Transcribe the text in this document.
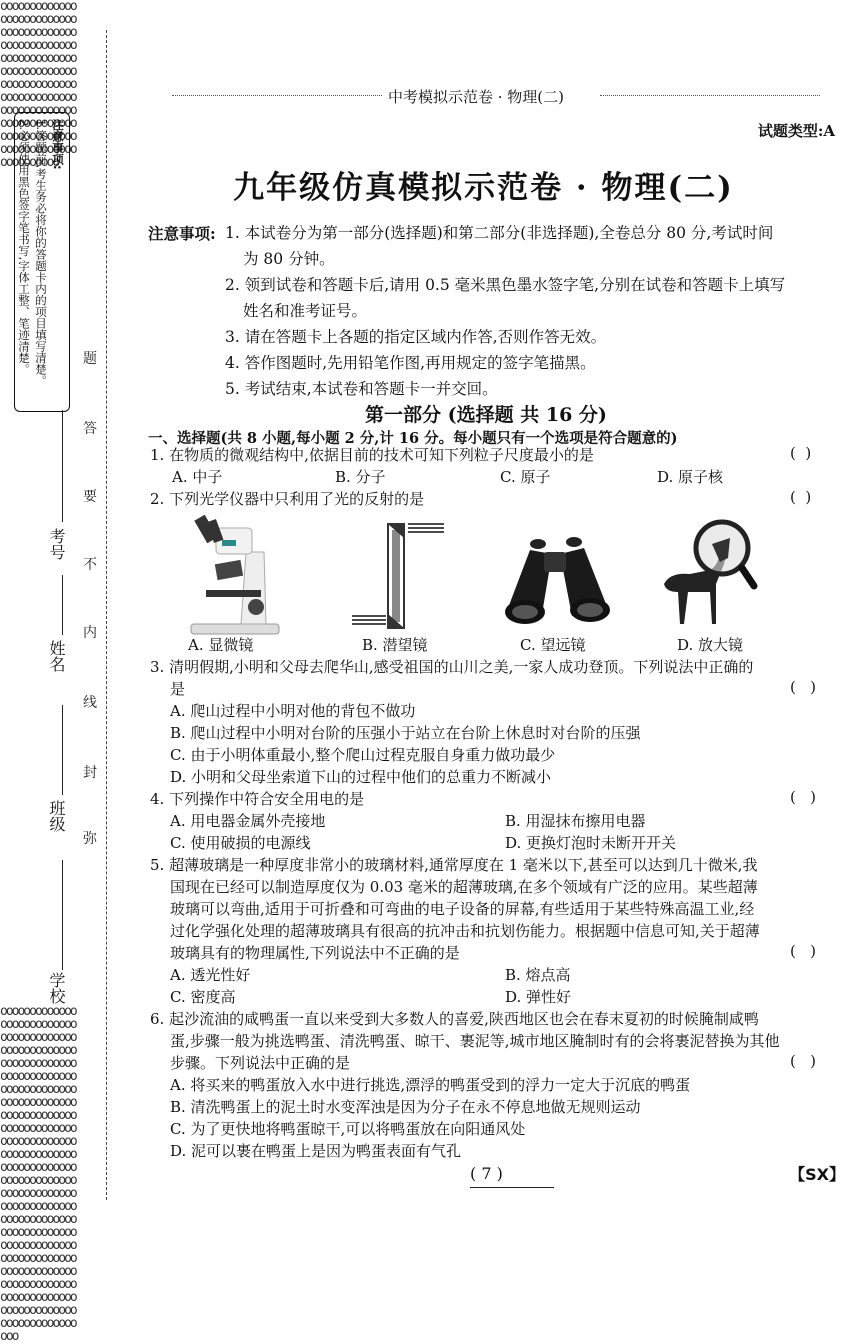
oooooooooooooooooooooooooooooooooooooooooooooooooooooooooooooooooooooooooooooooooooooooooooooooooooooooooooooooooooooooooooooooooooooooooooooooooooooooooooooooooooooo
oooooooooooooooooooooooooooooooooooooooooooooooooooooooooooooooooooooooooooooooooooooooooooooooooooooooooooooooooooooooooooooooooooooooooooooooooooooooooooooooooooooooooooooooooooooooooooooooooooooooooooooooooooooooooooooooooooooooooooooooooooooooooooooooooooooooooooooooooooooooooooooooooooooooooooooooooooooooooooooooooooooooo
注意事项:
1.答题前,考生务必将你的答题卡内的项目填写清楚。
2.必须使用黑色签字笔书写,字体工整、笔迹清楚。
考号
姓名
班级
学校
题
答
要
不
内
线
封
弥
中考模拟示范卷 · 物理(二)
试题类型:A
九年级仿真模拟示范卷 · 物理(二)
注意事项: 1. 本试卷分为第一部分(选择题)和第二部分(非选择题),全卷总分 80 分,考试时间
为 80 分钟。
2. 领到试卷和答题卡后,请用 0.5 毫米黑色墨水签字笔,分别在试卷和答题卡上填写
姓名和准考证号。
3. 请在答题卡上各题的指定区域内作答,否则作答无效。
4. 答作图题时,先用铅笔作图,再用规定的签字笔描黑。
5. 考试结束,本试卷和答题卡一并交回。
第一部分 (选择题 共 16 分)
一、选择题(共 8 小题,每小题 2 分,计 16 分。每小题只有一个选项是符合题意的)
1. 在物质的微观结构中,依据目前的技术可知下列粒子尺度最小的是	(  )
A. 中子	B. 分子	C. 原子	D. 原子核
2. 下列光学仪器中只利用了光的反射的是	(  )
A. 显微镜	B. 潜望镜	C. 望远镜	D. 放大镜
3. 清明假期,小明和父母去爬华山,感受祖国的山川之美,一家人成功登顶。下列说法中正确的
是	(   )
A. 爬山过程中小明对他的背包不做功
B. 爬山过程中小明对台阶的压强小于站立在台阶上休息时对台阶的压强
C. 由于小明体重最小,整个爬山过程克服自身重力做功最少
D. 小明和父母坐索道下山的过程中他们的总重力不断减小
4. 下列操作中符合安全用电的是	(   )
A. 用电器金属外壳接地	B. 用湿抹布擦用电器
C. 使用破损的电源线	D. 更换灯泡时未断开开关
5. 超薄玻璃是一种厚度非常小的玻璃材料,通常厚度在 1 毫米以下,甚至可以达到几十微米,我
国现在已经可以制造厚度仅为 0.03 毫米的超薄玻璃,在多个领域有广泛的应用。某些超薄
玻璃可以弯曲,适用于可折叠和可弯曲的电子设备的屏幕,有些适用于某些特殊高温工业,经
过化学强化处理的超薄玻璃具有很高的抗冲击和抗划伤能力。根据题中信息可知,关于超薄
玻璃具有的物理属性,下列说法中不正确的是	(   )
A. 透光性好	B. 熔点高
C. 密度高	D. 弹性好
6. 起沙流油的咸鸭蛋一直以来受到大多数人的喜爱,陕西地区也会在春末夏初的时候腌制咸鸭
蛋,步骤一般为挑选鸭蛋、清洗鸭蛋、晾干、裹泥等,城市地区腌制时有的会将裹泥替换为其他
步骤。下列说法中正确的是	(   )
A. 将买来的鸭蛋放入水中进行挑选,漂浮的鸭蛋受到的浮力一定大于沉底的鸭蛋
B. 清洗鸭蛋上的泥土时水变浑浊是因为分子在永不停息地做无规则运动
C. 为了更快地将鸭蛋晾干,可以将鸭蛋放在向阳通风处
D. 泥可以裹在鸭蛋上是因为鸭蛋表面有气孔
( 7 )	【SX】
